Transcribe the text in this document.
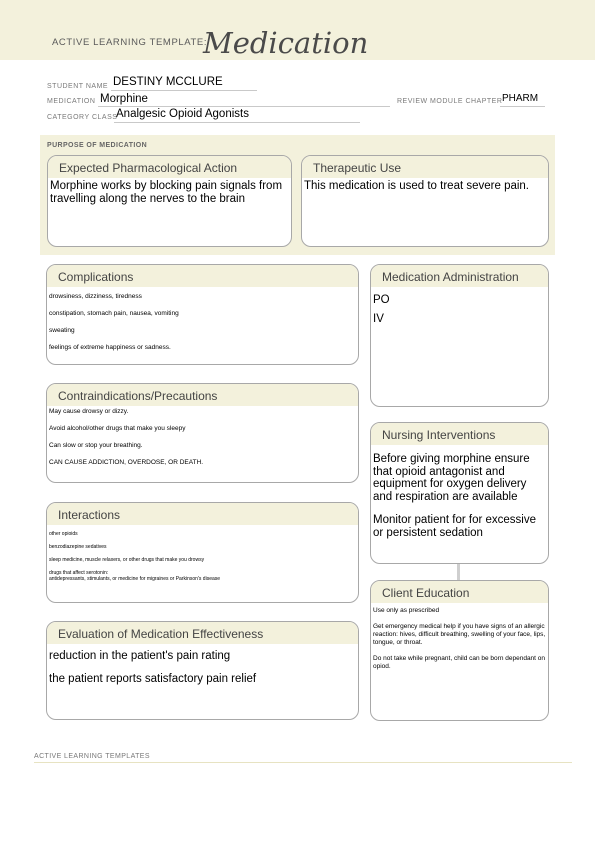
ACTIVE LEARNING TEMPLATE:
Medication
STUDENT NAME DESTINY MCCLURE
MEDICATION Morphine	REVIEW MODULE CHAPTER PHARM
CATEGORY CLASS
Analgesic Opioid Agonists
PURPOSE OF MEDICATION
Expected Pharmacological Action
Morphine works by blocking pain signals from travelling along the nerves to the brain
Therapeutic Use
This medication is used to treat severe pain.
Complications
drowsiness, dizziness, tiredness
constipation, stomach pain, nausea, vomiting
sweating
feelings of extreme happiness or sadness.
Medication Administration
PO
IV
Contraindications/Precautions
May cause drowsy or dizzy.
Avoid alcohol/other drugs that make you sleepy
Can slow or stop your breathing.
CAN CAUSE ADDICTION, OVERDOSE, OR DEATH.
Nursing Interventions
Before giving morphine ensure that opioid antagonist and equipment for oxygen delivery and respiration are available
Monitor patient for for excessive or persistent sedation
Interactions
other opioids
benzodiazepine sedatives
sleep medicine, muscle relaxers, or other drugs that make you drowsy
drugs that affect serotonin:
antidepressants, stimulants, or medicine for migraines or Parkinson's disease
Client Education
Use only as prescribed
Get emergency medical help if you have signs of an allergic reaction: hives, difficult breathing, swelling of your face, lips, tongue, or throat.
Do not take while pregnant, child can be born dependant on opiod.
Evaluation of Medication Effectiveness
reduction in the patient's pain rating
the patient reports satisfactory pain relief
ACTIVE LEARNING TEMPLATES
